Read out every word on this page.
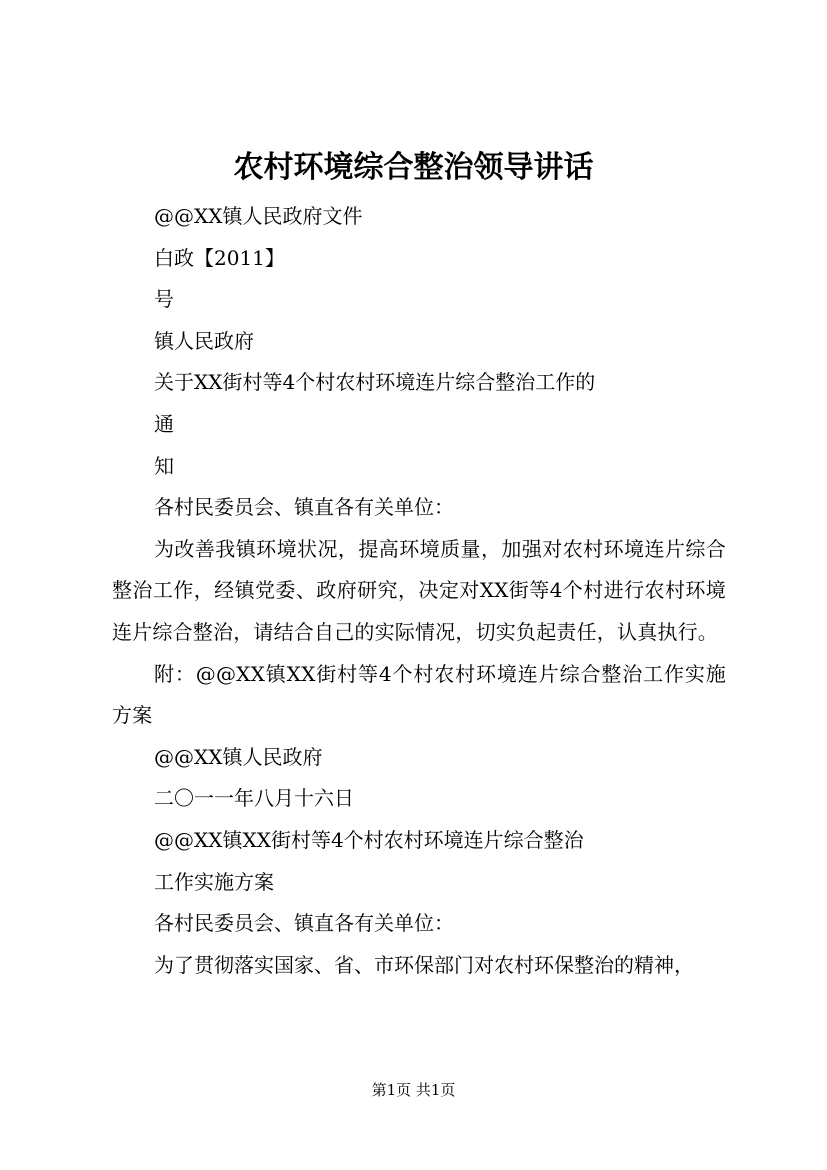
农村环境综合整治领导讲话
@@XX镇人民政府文件
白政【2011】
号
镇人民政府
关于XX街村等4个村农村环境连片综合整治工作的
通
知
各村民委员会、镇直各有关单位：

为改善我镇环境状况，提高环境质量，加强对农村环境连片综合整治工作，经镇党委、政府研究，决定对XX街等4个村进行农村环境连片综合整治，请结合自己的实际情况，切实负起责任，认真执行。

附：@@XX镇XX街村等4个村农村环境连片综合整治工作实施方案

@@XX镇人民政府
二〇一一年八月十六日
@@XX镇XX街村等4个村农村环境连片综合整治
工作实施方案
各村民委员会、镇直各有关单位：
为了贯彻落实国家、省、市环保部门对农村环保整治的精神，
第1页 共1页
